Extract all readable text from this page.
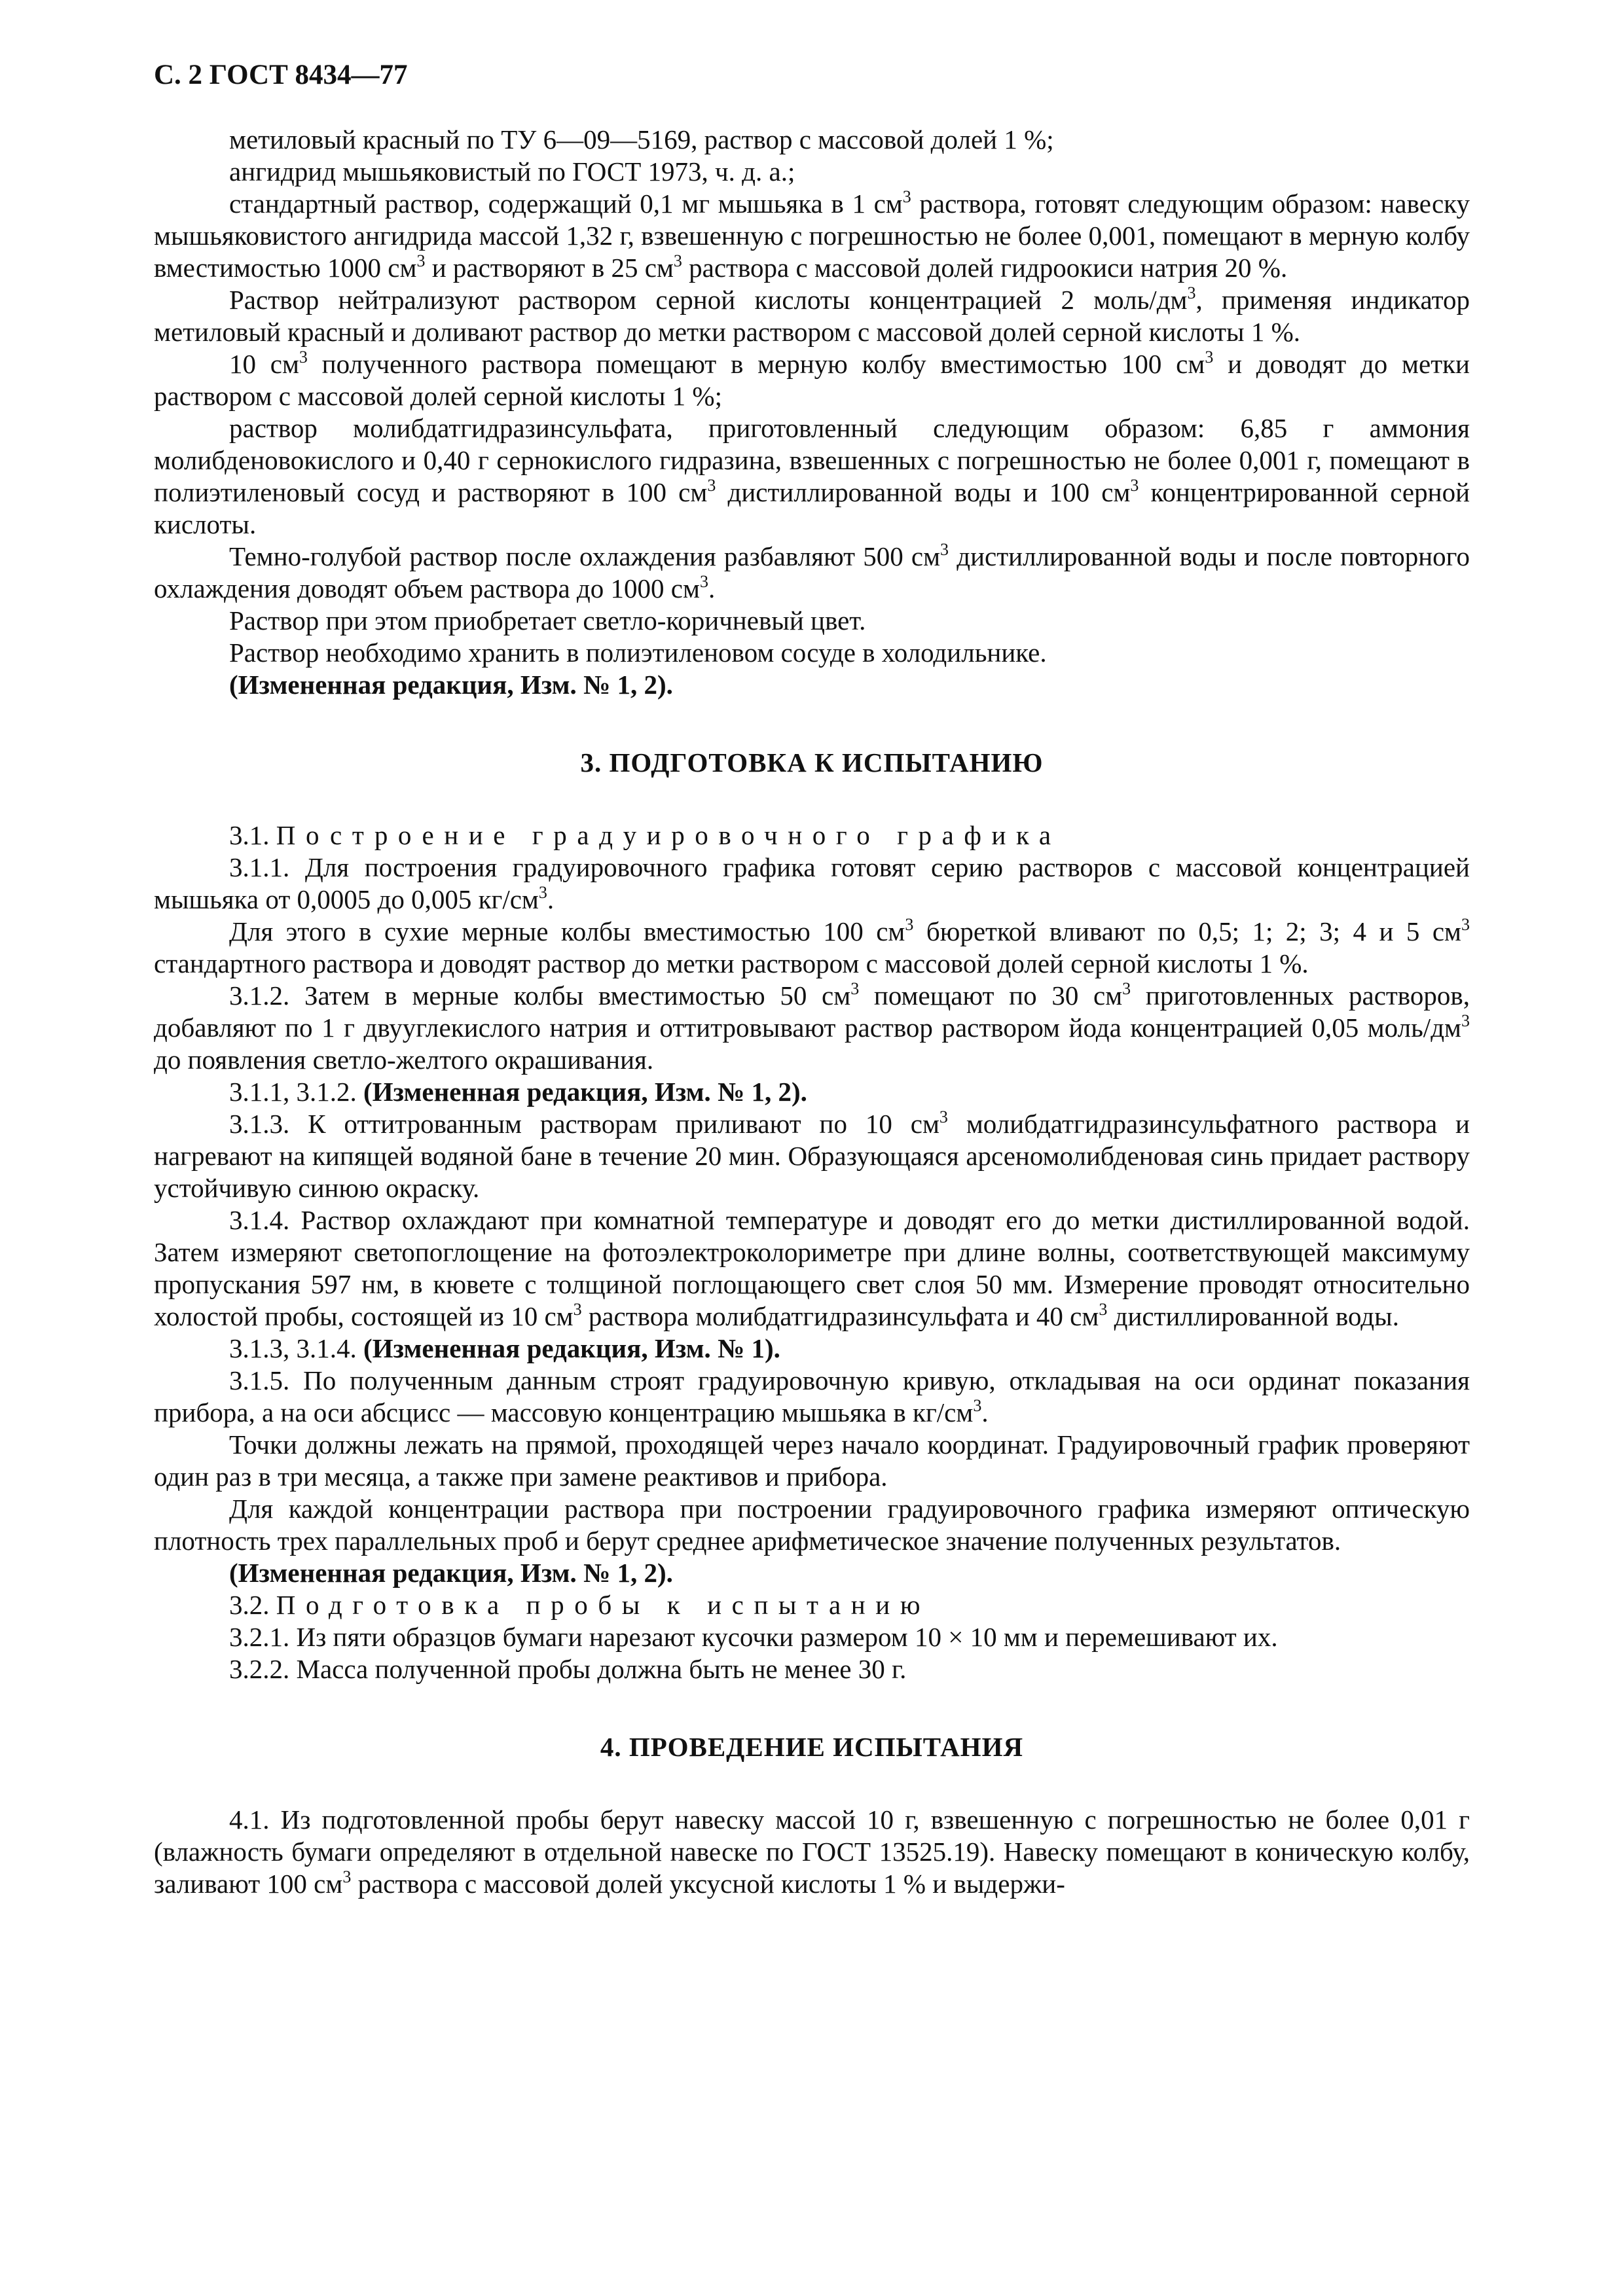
С. 2 ГОСТ 8434—77

метиловый красный по ТУ 6—09—5169, раствор с массовой долей 1 %;

ангидрид мышьяковистый по ГОСТ 1973, ч. д. а.;

стандартный раствор, содержащий 0,1 мг мышьяка в 1 $см^3$ раствора, готовят следующим образом: навеску мышьяковистого ангидрида массой 1,32 г, взвешенную с погрешностью не более 0,001, помещают в мерную колбу вместимостью 1000 $см^3$ и растворяют в 25 $см^3$ раствора с массовой долей гидроокиси натрия 20 %.

Раствор нейтрализуют раствором серной кислоты концентрацией 2 моль/$дм^3$, применяя индикатор метиловый красный и доливают раствор до метки раствором с массовой долей серной кислоты 1 %.

10 $см^3$ полученного раствора помещают в мерную колбу вместимостью 100 $см^3$ и доводят до метки раствором с массовой долей серной кислоты 1 %;

раствор молибдатгидразинсульфата, приготовленный следующим образом: 6,85 г аммония молибденовокислого и 0,40 г сернокислого гидразина, взвешенных с погрешностью не более 0,001 г, помещают в полиэтиленовый сосуд и растворяют в 100 $см^3$ дистиллированной воды и 100 $см^3$ концентрированной серной кислоты.

Темно-голубой раствор после охлаждения разбавляют 500 $см^3$ дистиллированной воды и после повторного охлаждения доводят объем раствора до 1000 $см^3$.

Раствор при этом приобретает светло-коричневый цвет.

Раствор необходимо хранить в полиэтиленовом сосуде в холодильнике.

(Измененная редакция, Изм. № 1, 2).

3. ПОДГОТОВКА К ИСПЫТАНИЮ

3.1. Построение градуировочного графика

3.1.1. Для построения градуировочного графика готовят серию растворов с массовой концентрацией мышьяка от 0,0005 до 0,005 $кг/см^3$.

Для этого в сухие мерные колбы вместимостью 100 $см^3$ бюреткой вливают по 0,5; 1; 2; 3; 4 и 5 $см^3$ стандартного раствора и доводят раствор до метки раствором с массовой долей серной кислоты 1 %.

3.1.2. Затем в мерные колбы вместимостью 50 $см^3$ помещают по 30 $см^3$ приготовленных растворов, добавляют по 1 г двууглекислого натрия и оттитровывают раствор раствором йода концентрацией 0,05 моль/$дм^3$ до появления светло-желтого окрашивания.

3.1.1, 3.1.2. (Измененная редакция, Изм. № 1, 2).

3.1.3. К оттитрованным растворам приливают по 10 $см^3$ молибдатгидразинсульфатного раствора и нагревают на кипящей водяной бане в течение 20 мин. Образующаяся арсеномолибденовая синь придает раствору устойчивую синюю окраску.

3.1.4. Раствор охлаждают при комнатной температуре и доводят его до метки дистиллированной водой. Затем измеряют светопоглощение на фотоэлектроколориметре при длине волны, соответствующей максимуму пропускания 597 нм, в кювете с толщиной поглощающего свет слоя 50 мм. Измерение проводят относительно холостой пробы, состоящей из 10 $см^3$ раствора молибдатгидразинсульфата и 40 $см^3$ дистиллированной воды.

3.1.3, 3.1.4. (Измененная редакция, Изм. № 1).

3.1.5. По полученным данным строят градуировочную кривую, откладывая на оси ординат показания прибора, а на оси абсцисс — массовую концентрацию мышьяка в $кг/см^3$.

Точки должны лежать на прямой, проходящей через начало координат. Градуировочный график проверяют один раз в три месяца, а также при замене реактивов и прибора.

Для каждой концентрации раствора при построении градуировочного графика измеряют оптическую плотность трех параллельных проб и берут среднее арифметическое значение полученных результатов.

(Измененная редакция, Изм. № 1, 2).

3.2. Подготовка пробы к испытанию

3.2.1. Из пяти образцов бумаги нарезают кусочки размером 10 × 10 мм и перемешивают их.

3.2.2. Масса полученной пробы должна быть не менее 30 г.

4. ПРОВЕДЕНИЕ ИСПЫТАНИЯ

4.1. Из подготовленной пробы берут навеску массой 10 г, взвешенную с погрешностью не более 0,01 г (влажность бумаги определяют в отдельной навеске по ГОСТ 13525.19). Навеску помещают в коническую колбу, заливают 100 $см^3$ раствора с массовой долей уксусной кислоты 1 % и выдержи-
